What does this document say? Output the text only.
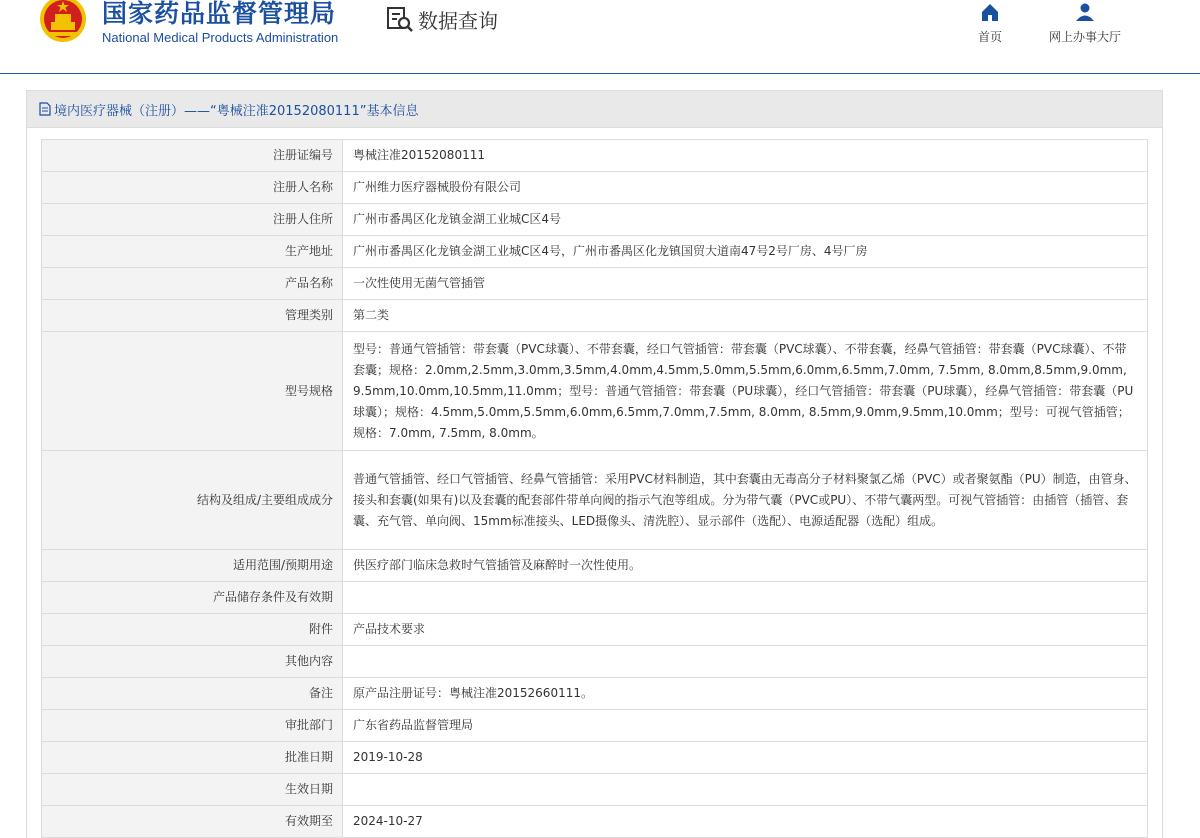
国家药品监督管理局
National Medical Products Administration
数据查询
首页	网上办事大厅
境内医疗器械（注册）——“粤械注准20152080111”基本信息
注册证编号	粤械注准20152080111
注册人名称	广州维力医疗器械股份有限公司
注册人住所	广州市番禺区化龙镇金湖工业城C区4号
生产地址	广州市番禺区化龙镇金湖工业城C区4号，广州市番禺区化龙镇国贸大道南47号2号厂房、4号厂房
产品名称	一次性使用无菌气管插管
管理类别	第二类
型号规格	型号：普通气管插管：带套囊（PVC球囊）、不带套囊，经口气管插管：带套囊（PVC球囊）、不带套囊，经鼻气管插管：带套囊（PVC球囊）、不带套囊；规格：2.0mm,2.5mm,3.0mm,3.5mm,4.0mm,4.5mm,5.0mm,5.5mm,6.0mm,6.5mm,7.0mm, 7.5mm, 8.0mm,8.5mm,9.0mm,9.5mm,10.0mm,10.5mm,11.0mm；型号：普通气管插管：带套囊（PU球囊），经口气管插管：带套囊（PU球囊），经鼻气管插管：带套囊（PU球囊）；规格：4.5mm,5.0mm,5.5mm,6.0mm,6.5mm,7.0mm,7.5mm, 8.0mm, 8.5mm,9.0mm,9.5mm,10.0mm；型号：可视气管插管；规格：7.0mm, 7.5mm, 8.0mm。
结构及组成/主要组成成分	普通气管插管、经口气管插管、经鼻气管插管：采用PVC材料制造，其中套囊由无毒高分子材料聚氯乙烯（PVC）或者聚氨酯（PU）制造，由管身、接头和套囊(如果有)以及套囊的配套部件带单向阀的指示气泡等组成。分为带气囊（PVC或PU）、不带气囊两型。可视气管插管：由插管（插管、套囊、充气管、单向阀、15mm标准接头、LED摄像头、清洗腔）、显示部件（选配）、电源适配器（选配）组成。
适用范围/预期用途	供医疗部门临床急救时气管插管及麻醉时一次性使用。
产品储存条件及有效期	
附件	产品技术要求
其他内容	
备注	原产品注册证号：粤械注准20152660111。
审批部门	广东省药品监督管理局
批准日期	2019-10-28
生效日期	
有效期至	2024-10-27
